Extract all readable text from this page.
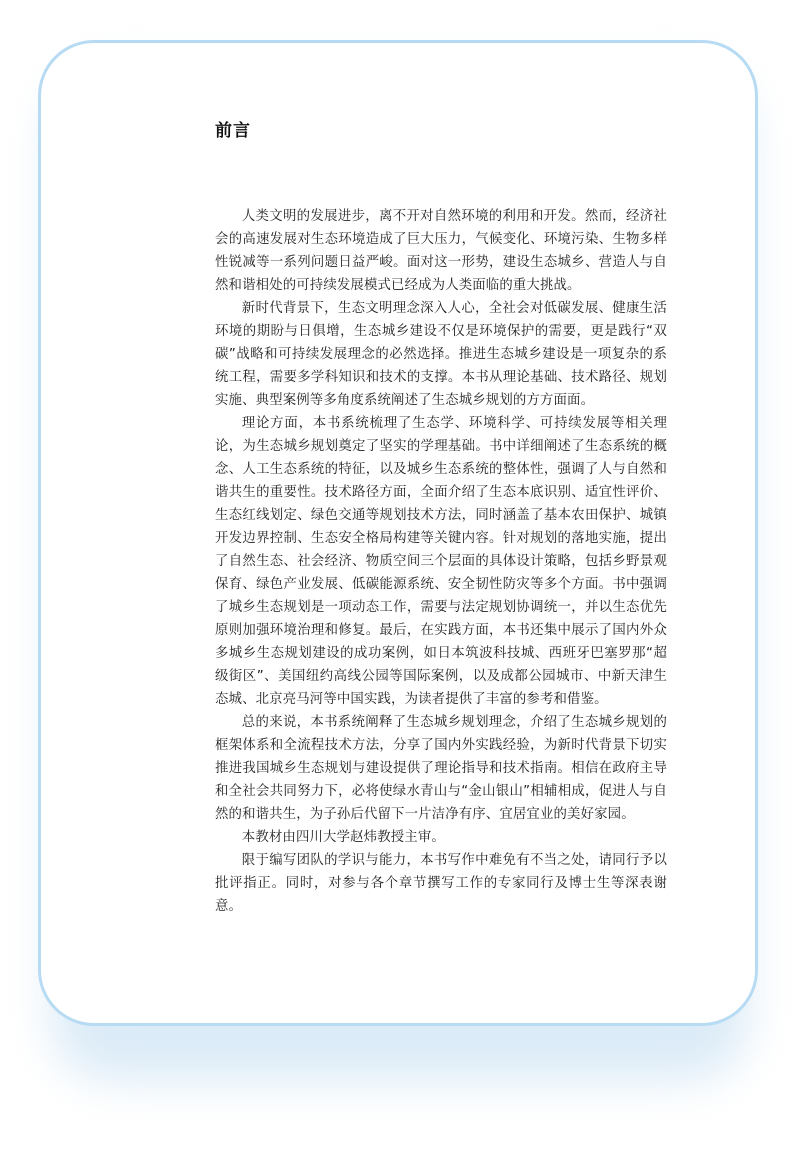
前言

人类文明的发展进步，离不开对自然环境的利用和开发。然而，经济社会的高速发展对生态环境造成了巨大压力，气候变化、环境污染、生物多样性锐减等一系列问题日益严峻。面对这一形势，建设生态城乡、营造人与自然和谐相处的可持续发展模式已经成为人类面临的重大挑战。

新时代背景下，生态文明理念深入人心，全社会对低碳发展、健康生活环境的期盼与日俱增，生态城乡建设不仅是环境保护的需要，更是践行“双碳”战略和可持续发展理念的必然选择。推进生态城乡建设是一项复杂的系统工程，需要多学科知识和技术的支撑。本书从理论基础、技术路径、规划实施、典型案例等多角度系统阐述了生态城乡规划的方方面面。

理论方面，本书系统梳理了生态学、环境科学、可持续发展等相关理论，为生态城乡规划奠定了坚实的学理基础。书中详细阐述了生态系统的概念、人工生态系统的特征，以及城乡生态系统的整体性，强调了人与自然和谐共生的重要性。技术路径方面，全面介绍了生态本底识别、适宜性评价、生态红线划定、绿色交通等规划技术方法，同时涵盖了基本农田保护、城镇开发边界控制、生态安全格局构建等关键内容。针对规划的落地实施，提出了自然生态、社会经济、物质空间三个层面的具体设计策略，包括乡野景观保育、绿色产业发展、低碳能源系统、安全韧性防灾等多个方面。书中强调了城乡生态规划是一项动态工作，需要与法定规划协调统一，并以生态优先原则加强环境治理和修复。最后，在实践方面，本书还集中展示了国内外众多城乡生态规划建设的成功案例，如日本筑波科技城、西班牙巴塞罗那“超级街区”、美国纽约高线公园等国际案例，以及成都公园城市、中新天津生态城、北京亮马河等中国实践，为读者提供了丰富的参考和借鉴。

总的来说，本书系统阐释了生态城乡规划理念，介绍了生态城乡规划的框架体系和全流程技术方法，分享了国内外实践经验，为新时代背景下切实推进我国城乡生态规划与建设提供了理论指导和技术指南。相信在政府主导和全社会共同努力下，必将使绿水青山与“金山银山”相辅相成，促进人与自然的和谐共生，为子孙后代留下一片洁净有序、宜居宜业的美好家园。

本教材由四川大学赵炜教授主审。

限于编写团队的学识与能力，本书写作中难免有不当之处，请同行予以批评指正。同时，对参与各个章节撰写工作的专家同行及博士生等深表谢意。
